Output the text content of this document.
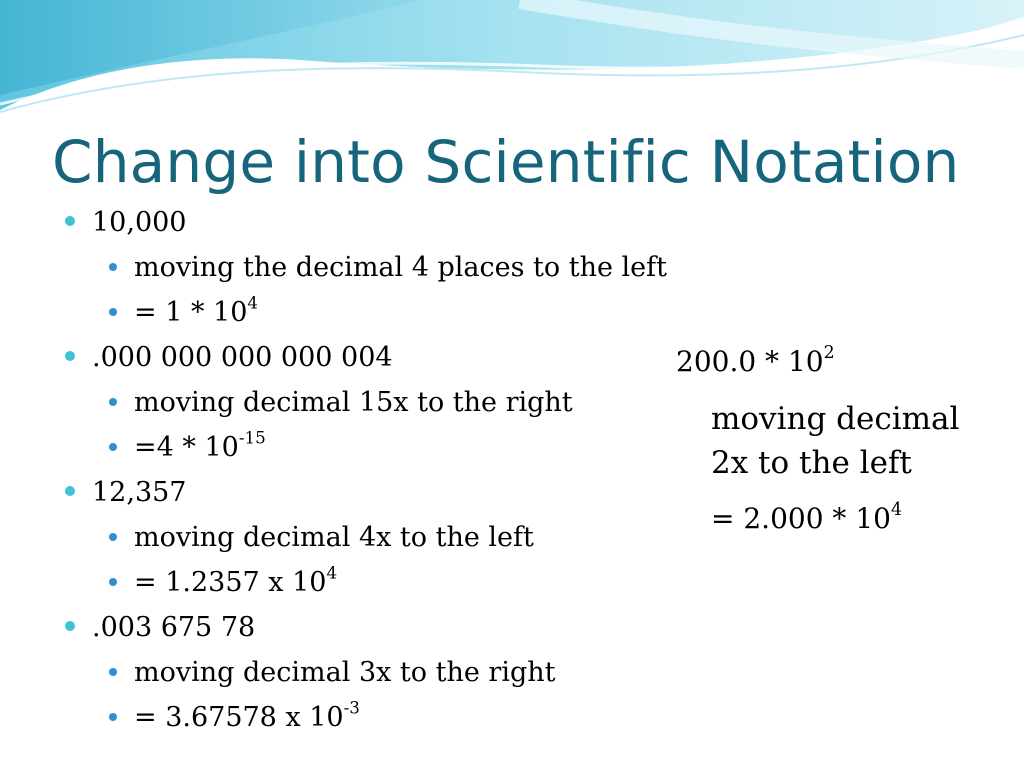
Change into Scientific Notation
10,000
moving the decimal 4 places to the left
= $1 * 10^4$
.000 000 000 000 004
moving decimal 15x to the right
$=4 * 10^{-15}$
12,357
moving decimal 4x to the left
= 1.2357 x $10^4$
.003 675 78
moving decimal 3x to the right
= 3.67578 x $10^{-3}$
$200.0 * 10^2$
moving decimal
2x to the left
= $2.000 * 10^4$
